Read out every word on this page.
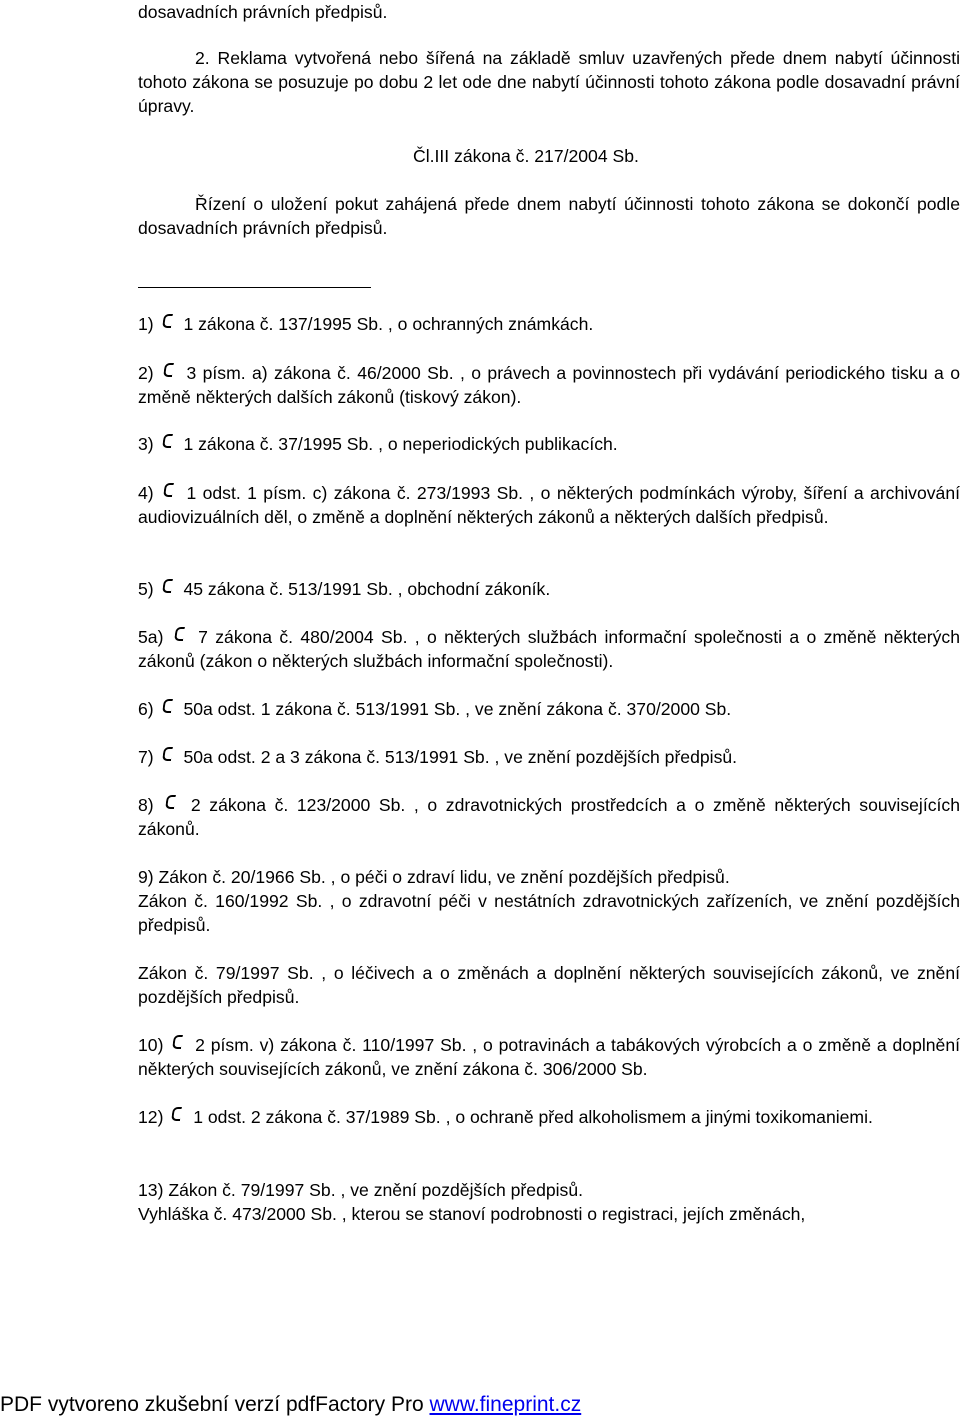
dosavadních právních předpisů.

2. Reklama vytvořená nebo šířená na základě smluv uzavřených přede dnem nabytí účinnosti tohoto zákona se posuzuje po dobu 2 let ode dne nabytí účinnosti tohoto zákona podle dosavadní právní úpravy.

Čl.III zákona č. 217/2004 Sb.

Řízení o uložení pokut zahájená přede dnem nabytí účinnosti tohoto zákona se dokončí podle dosavadních právních předpisů.

1) 1 zákona č. 137/1995 Sb. , o ochranných známkách.

2) 3 písm. a) zákona č. 46/2000 Sb. , o právech a povinnostech při vydávání periodického tisku a o změně některých dalších zákonů (tiskový zákon).

3) 1 zákona č. 37/1995 Sb. , o neperiodických publikacích.

4) 1 odst. 1 písm. c) zákona č. 273/1993 Sb. , o některých podmínkách výroby, šíření a archivování audiovizuálních děl, o změně a doplnění některých zákonů a některých dalších předpisů.

5) 45 zákona č. 513/1991 Sb. , obchodní zákoník.

5a) 7 zákona č. 480/2004 Sb. , o některých službách informační společnosti a o změně některých zákonů (zákon o některých službách informační společnosti).

6) 50a odst. 1 zákona č. 513/1991 Sb. , ve znění zákona č. 370/2000 Sb.

7) 50a odst. 2 a 3 zákona č. 513/1991 Sb. , ve znění pozdějších předpisů.

8) 2 zákona č. 123/2000 Sb. , o zdravotnických prostředcích a o změně některých souvisejících zákonů.

9) Zákon č. 20/1966 Sb. , o péči o zdraví lidu, ve znění pozdějších předpisů.

Zákon č. 160/1992 Sb. , o zdravotní péči v nestátních zdravotnických zařízeních, ve znění pozdějších předpisů.

Zákon č. 79/1997 Sb. , o léčivech a o změnách a doplnění některých souvisejících zákonů, ve znění pozdějších předpisů.

10) 2 písm. v) zákona č. 110/1997 Sb. , o potravinách a tabákových výrobcích a o změně a doplnění některých souvisejících zákonů, ve znění zákona č. 306/2000 Sb.

12) 1 odst. 2 zákona č. 37/1989 Sb. , o ochraně před alkoholismem a jinými toxikomaniemi.

13) Zákon č. 79/1997 Sb. , ve znění pozdějších předpisů.

Vyhláška č. 473/2000 Sb. , kterou se stanoví podrobnosti o registraci, jejích změnách,

PDF vytvoreno zkušební verzí pdfFactory Pro www.fineprint.cz
